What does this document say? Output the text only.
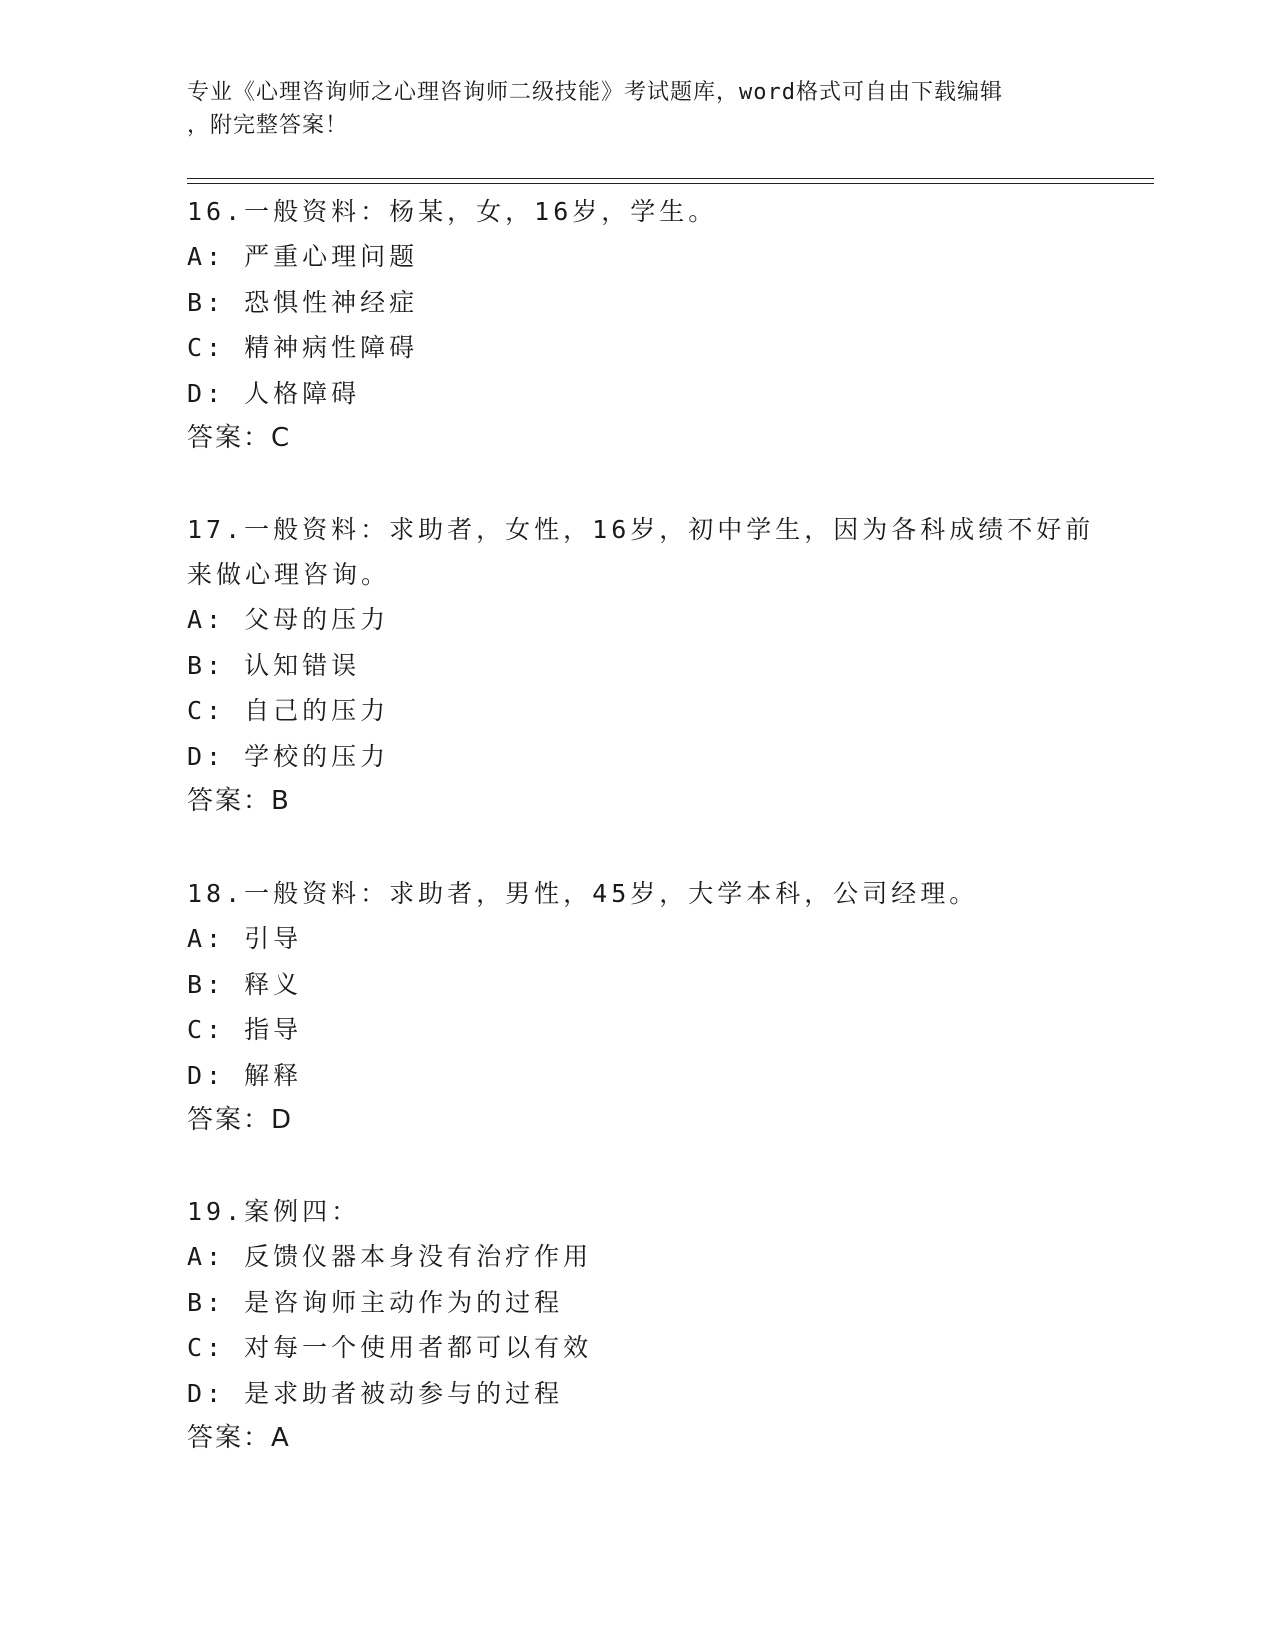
专业《心理咨询师之心理咨询师二级技能》考试题库，word格式可自由下载编辑
，附完整答案！
16.一般资料：杨某，女，16岁，学生。
A: 严重心理问题
B: 恐惧性神经症
C: 精神病性障碍
D: 人格障碍
答案：C
17.一般资料：求助者，女性，16岁，初中学生，因为各科成绩不好前
来做心理咨询。
A: 父母的压力
B: 认知错误
C: 自己的压力
D: 学校的压力
答案：B
18.一般资料：求助者，男性，45岁，大学本科，公司经理。
A: 引导
B: 释义
C: 指导
D: 解释
答案：D
19.案例四：
A: 反馈仪器本身没有治疗作用
B: 是咨询师主动作为的过程
C: 对每一个使用者都可以有效
D: 是求助者被动参与的过程
答案：A
